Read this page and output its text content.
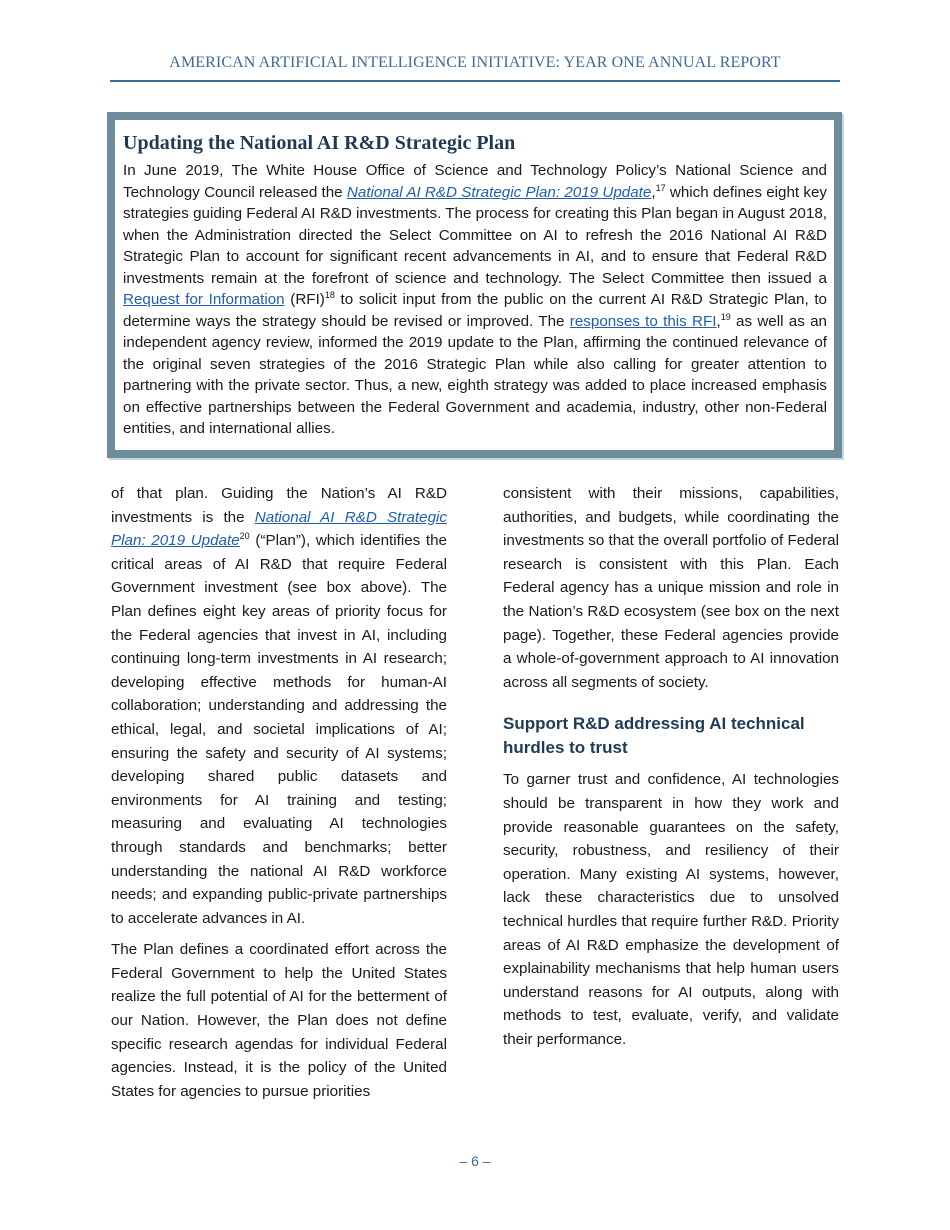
AMERICAN ARTIFICIAL INTELLIGENCE INITIATIVE: YEAR ONE ANNUAL REPORT
Updating the National AI R&D Strategic Plan

In June 2019, The White House Office of Science and Technology Policy’s National Science and Technology Council released the National AI R&D Strategic Plan: 2019 Update,$^{17}$ which defines eight key strategies guiding Federal AI R&D investments. The process for creating this Plan began in August 2018, when the Administration directed the Select Committee on AI to refresh the 2016 National AI R&D Strategic Plan to account for significant recent advancements in AI, and to ensure that Federal R&D investments remain at the forefront of science and technology. The Select Committee then issued a Request for Information (RFI)$^{18}$ to solicit input from the public on the current AI R&D Strategic Plan, to determine ways the strategy should be revised or improved. The responses to this RFI,$^{19}$ as well as an independent agency review, informed the 2019 update to the Plan, affirming the continued relevance of the original seven strategies of the 2016 Strategic Plan while also calling for greater attention to partnering with the private sector. Thus, a new, eighth strategy was added to place increased emphasis on effective partnerships between the Federal Government and academia, industry, other non-Federal entities, and international allies.

of that plan. Guiding the Nation’s AI R&D investments is the National AI R&D Strategic Plan: 2019 Update$^{20}$ (“Plan”), which identifies the critical areas of AI R&D that require Federal Government investment (see box above). The Plan defines eight key areas of priority focus for the Federal agencies that invest in AI, including continuing long-term investments in AI research; developing effective methods for human-AI collaboration; understanding and addressing the ethical, legal, and societal implications of AI; ensuring the safety and security of AI systems; developing shared public datasets and environments for AI training and testing; measuring and evaluating AI technologies through standards and benchmarks; better understanding the national AI R&D workforce needs; and expanding public-private partnerships to accelerate advances in AI.

The Plan defines a coordinated effort across the Federal Government to help the United States realize the full potential of AI for the betterment of our Nation. However, the Plan does not define specific research agendas for individual Federal agencies. Instead, it is the policy of the United States for agencies to pursue priorities

consistent with their missions, capabilities, authorities, and budgets, while coordinating the investments so that the overall portfolio of Federal research is consistent with this Plan. Each Federal agency has a unique mission and role in the Nation’s R&D ecosystem (see box on the next page). Together, these Federal agencies provide a whole-of-government approach to AI innovation across all segments of society.

Support R&D addressing AI technical hurdles to trust

To garner trust and confidence, AI technologies should be transparent in how they work and provide reasonable guarantees on the safety, security, robustness, and resiliency of their operation. Many existing AI systems, however, lack these characteristics due to unsolved technical hurdles that require further R&D. Priority areas of AI R&D emphasize the development of explainability mechanisms that help human users understand reasons for AI outputs, along with methods to test, evaluate, verify, and validate their performance.

– 6 –
